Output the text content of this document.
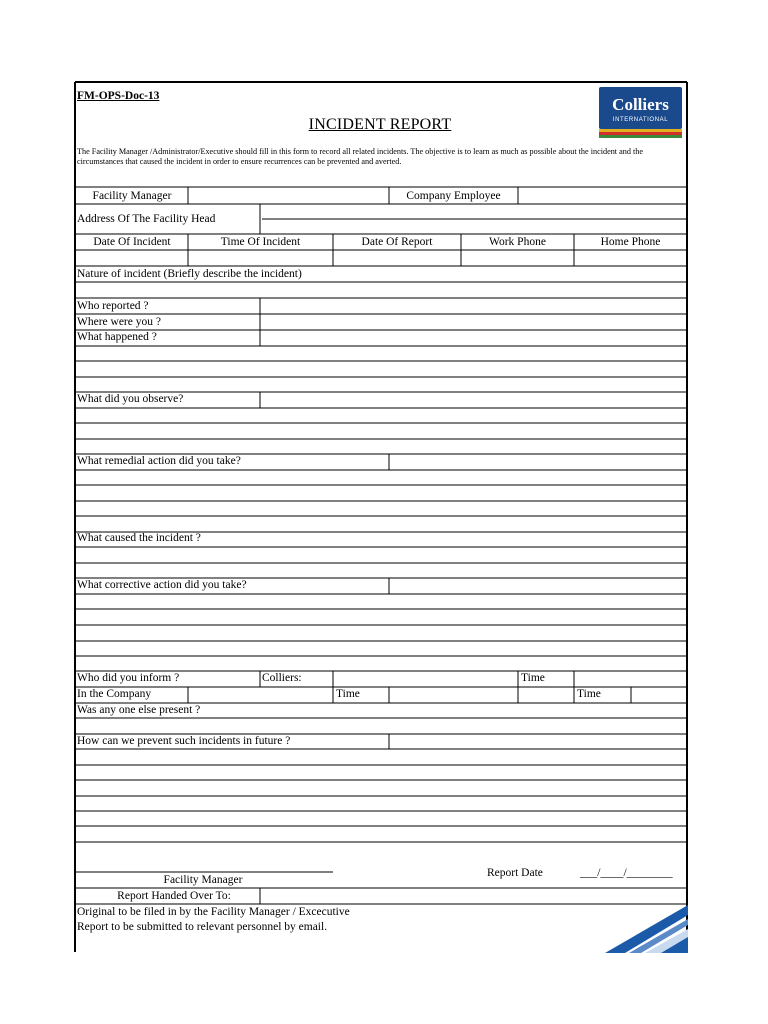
FM-OPS-Doc-13
INCIDENT REPORT
The Facility Manager /Administrator/Executive should fill in this form to record all related incidents. The objective is to learn as much as possible about the incident and the circumstances that caused the incident in order to ensure recurrences can be prevented and averted.
Colliers
INTERNATIONAL
Facility Manager	Company Employee
Address Of The Facility Head
Date Of Incident	Time Of Incident	Date Of Report	Work Phone	Home Phone
Nature of incident (Briefly describe the incident)
Who reported ?
Where were you ?
What happened ?
What did you observe?
What remedial action did you take?
What caused the incident ?
What corrective action did you take?
Who did you inform ?	Colliers:	Time
In the Company	Time	Time
Was any one else present ?
How can we prevent such incidents in future ?
Facility Manager
Report Date	___/____/________
Report Handed Over To:
Original to be filed in by the Facility Manager / Excecutive
Report to be submitted to relevant personnel by email.
